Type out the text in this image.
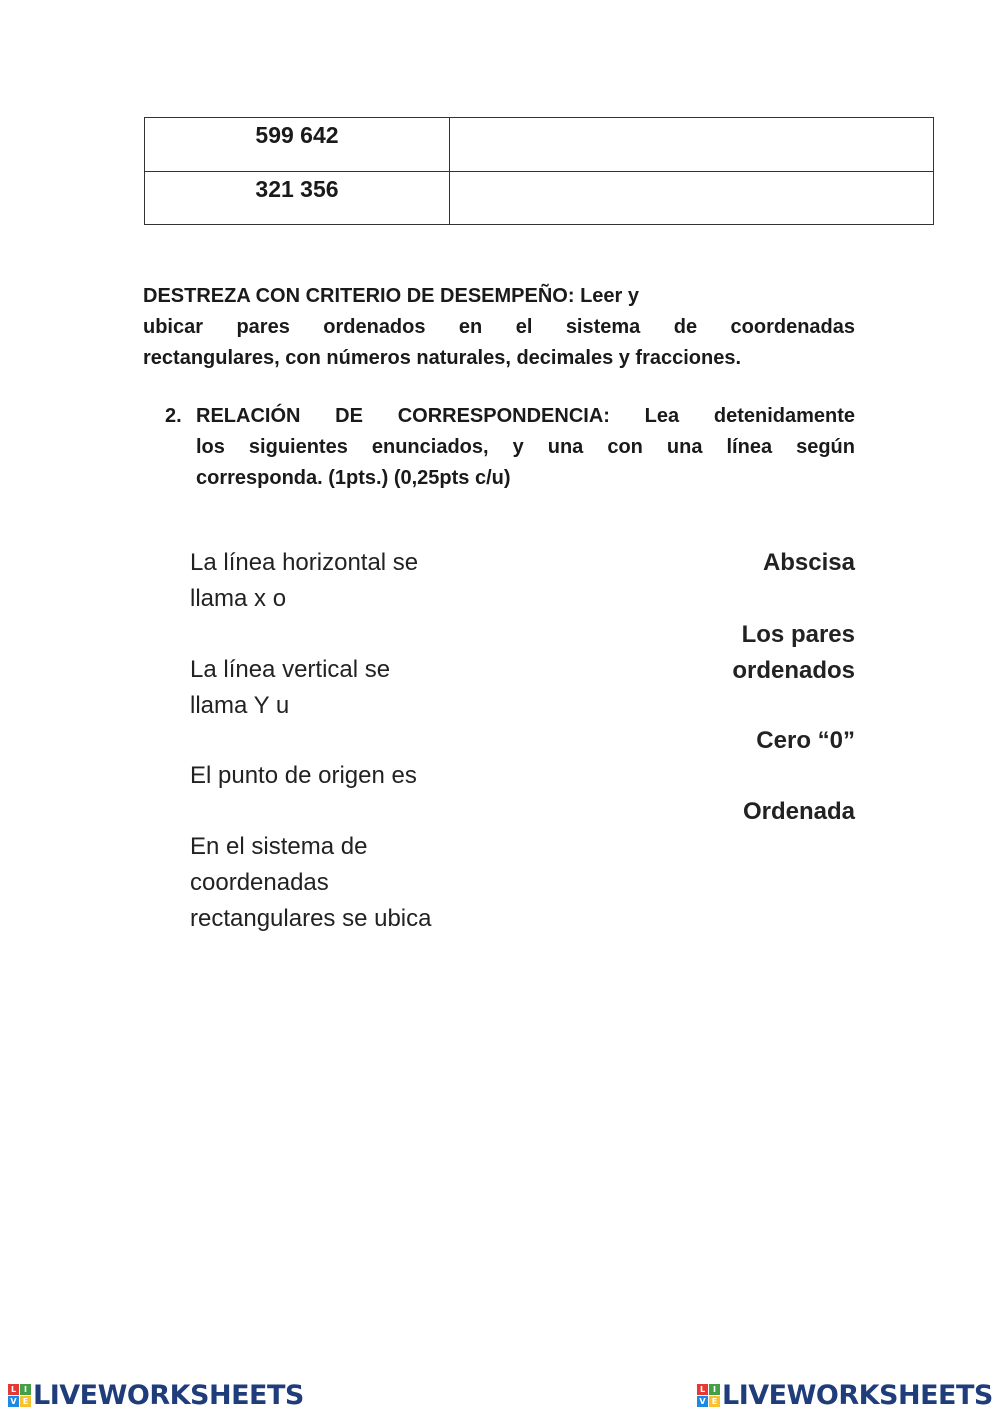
599 642	
321 356	

DESTREZA CON CRITERIO DE DESEMPEÑO: Leer y
ubicar pares ordenados en el sistema de coordenadas
rectangulares, con números naturales, decimales y fracciones.

2. RELACIÓN DE CORRESPONDENCIA: Lea detenidamente
los siguientes enunciados, y una con una línea según
corresponda. (1pts.) (0,25pts c/u)
La línea horizontal se
llama x o
La línea vertical se
llama Y u
El punto de origen es
En el sistema de
coordenadas
rectangulares se ubica
Abscisa
Los pares
ordenados
Cero “0”
Ordenada
L I
V E LIVEWORKSHEETS	L I
V E LIVEWORKSHEETS
